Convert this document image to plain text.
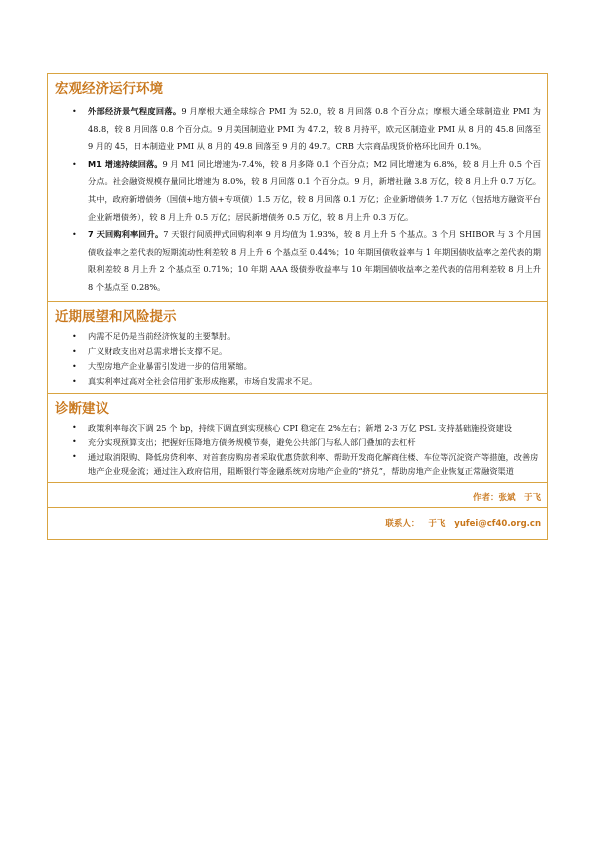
宏观经济运行环境
• 外部经济景气程度回落。9 月摩根大通全球综合 PMI 为 52.0，较 8 月回落 0.8 个百分点；摩根大通全球制造业 PMI 为 48.8，较 8 月回落 0.8 个百分点。9 月美国制造业 PMI 为 47.2，较 8 月持平，欧元区制造业 PMI 从 8 月的 45.8 回落至 9 月的 45，日本制造业 PMI 从 8 月的 49.8 回落至 9 月的 49.7。CRB 大宗商品现货价格环比回升 0.1%。
• M1 增速持续回落。9 月 M1 同比增速为-7.4%，较 8 月多降 0.1 个百分点；M2 同比增速为 6.8%，较 8 月上升 0.5 个百分点。社会融资规模存量同比增速为 8.0%，较 8 月回落 0.1 个百分点。9 月，新增社融 3.8 万亿，较 8 月上升 0.7 万亿。其中，政府新增债务（国债+地方债+专项债）1.5 万亿，较 8 月回落 0.1 万亿；企业新增债务 1.7 万亿（包括地方融资平台企业新增债务），较 8 月上升 0.5 万亿；居民新增债务 0.5 万亿，较 8 月上升 0.3 万亿。
• 7 天回购利率回升。7 天银行间质押式回购利率 9 月均值为 1.93%，较 8 月上升 5 个基点。3 个月 SHIBOR 与 3 个月国债收益率之差代表的短期流动性利差较 8 月上升 6 个基点至 0.44%；10 年期国债收益率与 1 年期国债收益率之差代表的期限利差较 8 月上升 2 个基点至 0.71%；10 年期 AAA 级债券收益率与 10 年期国债收益率之差代表的信用利差较 8 月上升 8 个基点至 0.28%。
近期展望和风险提示
• 内需不足仍是当前经济恢复的主要掣肘。
• 广义财政支出对总需求增长支撑不足。
• 大型房地产企业暴雷引发进一步的信用紧缩。
• 真实利率过高对全社会信用扩张形成拖累，市场自发需求不足。
诊断建议
• 政策利率每次下调 25 个 bp，持续下调直到实现核心 CPI 稳定在 2%左右；新增 2-3 万亿 PSL 支持基础施投资建设
• 充分实现预算支出；把握好压降地方债务规模节奏，避免公共部门与私人部门叠加的去杠杆
• 通过取消限购、降低房贷利率、对首套房购房者采取优惠贷款利率、帮助开发商化解商住楼、车位等沉淀资产等措施，改善房地产企业现金流；通过注入政府信用，阻断银行等金融系统对房地产企业的“挤兑”，帮助房地产企业恢复正常融资渠道
作者：张斌　于飞
联系人： 于飞 yufei@cf40.org.cn
